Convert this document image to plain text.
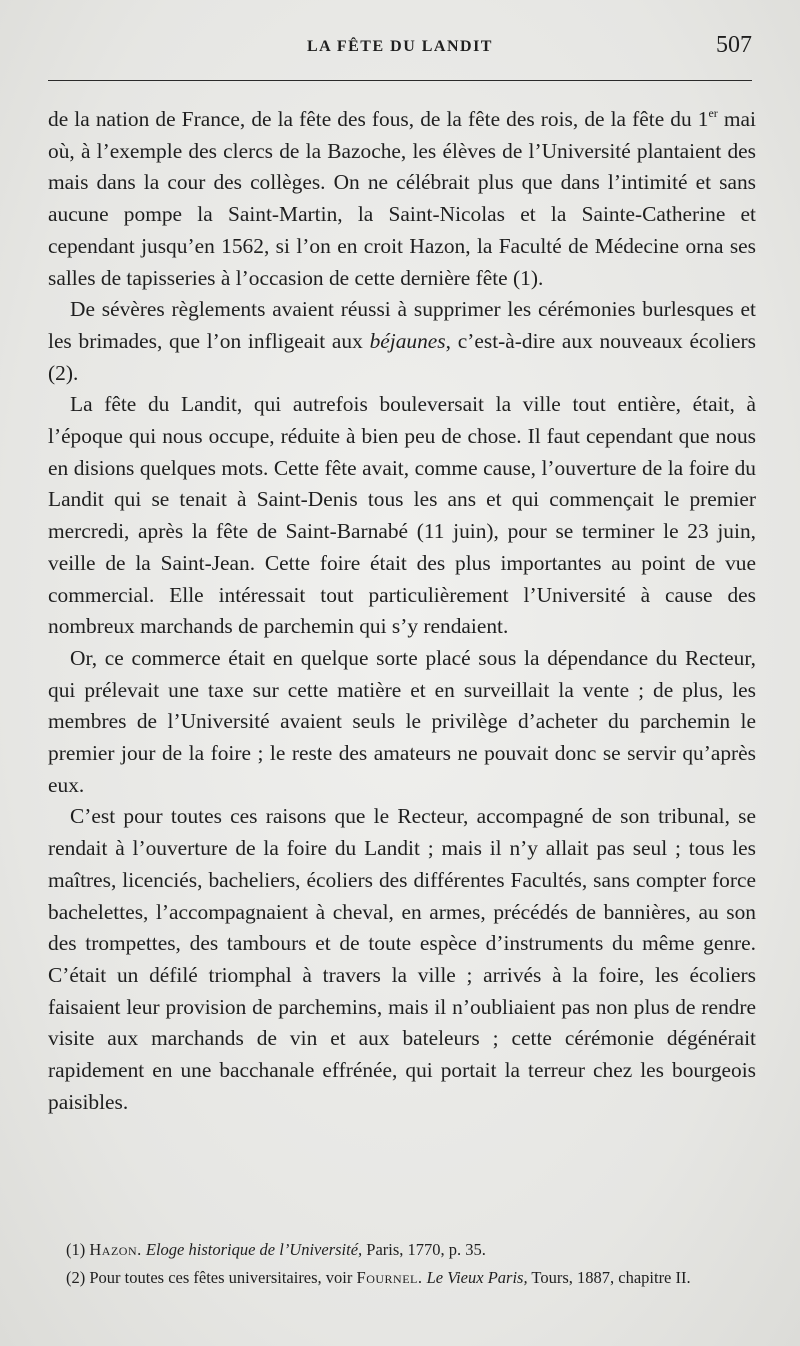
LA FÊTE DU LANDIT	507

de la nation de France, de la fête des fous, de la fête des rois, de la fête du 1er mai où, à l’exemple des clercs de la Bazoche, les élèves de l’Université plantaient des mais dans la cour des collèges. On ne célébrait plus que dans l’intimité et sans aucune pompe la Saint-Martin, la Saint-Nicolas et la Sainte-Catherine et cependant jusqu’en 1562, si l’on en croit Hazon, la Faculté de Médecine orna ses salles de tapisseries à l’occasion de cette dernière fête (1).

De sévères règlements avaient réussi à supprimer les cérémonies burlesques et les brimades, que l’on infligeait aux béjaunes, c’est-à-dire aux nouveaux écoliers (2).

La fête du Landit, qui autrefois bouleversait la ville tout entière, était, à l’époque qui nous occupe, réduite à bien peu de chose. Il faut cependant que nous en disions quelques mots. Cette fête avait, comme cause, l’ouverture de la foire du Landit qui se tenait à Saint-Denis tous les ans et qui commençait le premier mercredi, après la fête de Saint-Barnabé (11 juin), pour se terminer le 23 juin, veille de la Saint-Jean. Cette foire était des plus importantes au point de vue commercial. Elle intéressait tout particulièrement l’Université à cause des nombreux marchands de parchemin qui s’y rendaient.

Or, ce commerce était en quelque sorte placé sous la dépendance du Recteur, qui prélevait une taxe sur cette matière et en surveillait la vente ; de plus, les membres de l’Université avaient seuls le privilège d’acheter du parchemin le premier jour de la foire ; le reste des amateurs ne pouvait donc se servir qu’après eux.

C’est pour toutes ces raisons que le Recteur, accompagné de son tribunal, se rendait à l’ouverture de la foire du Landit ; mais il n’y allait pas seul ; tous les maîtres, licenciés, bacheliers, écoliers des différentes Facultés, sans compter force bachelettes, l’accompagnaient à cheval, en armes, précédés de bannières, au son des trompettes, des tambours et de toute espèce d’instruments du même genre. C’était un défilé triomphal à travers la ville ; arrivés à la foire, les écoliers faisaient leur provision de parchemins, mais il n’oubliaient pas non plus de rendre visite aux marchands de vin et aux bateleurs ; cette cérémonie dégénérait rapidement en une bacchanale effrénée, qui portait la terreur chez les bourgeois paisibles.

(1) Hazon. Eloge historique de l’Université, Paris, 1770, p. 35.

(2) Pour toutes ces fêtes universitaires, voir Fournel. Le Vieux Paris, Tours, 1887, chapitre II.
